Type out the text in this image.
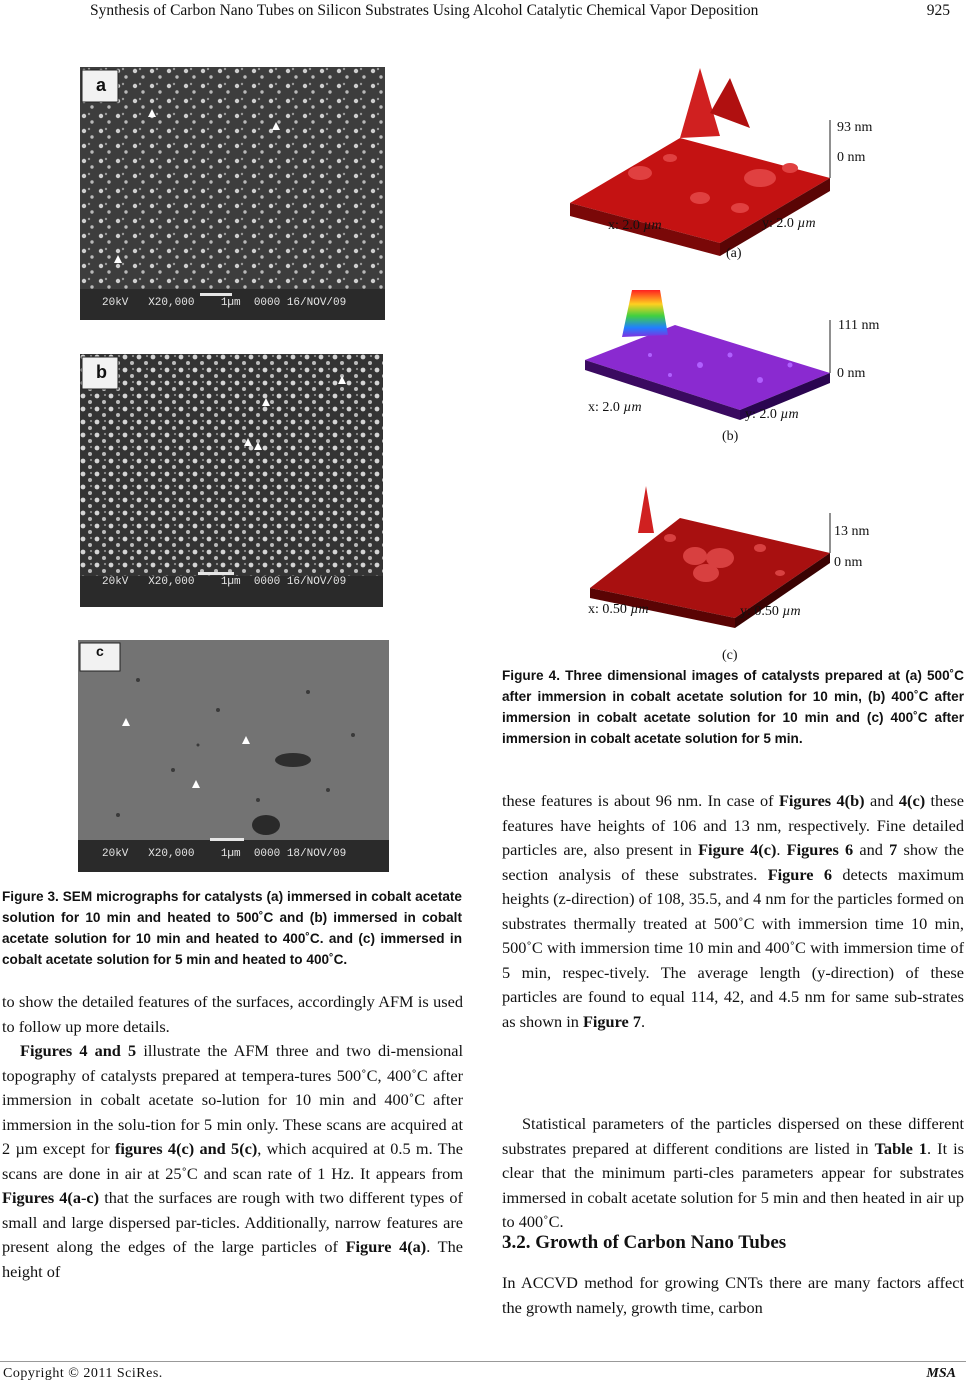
Synthesis of Carbon Nano Tubes on Silicon Substrates Using Alcohol Catalytic Chemical Vapor Deposition	925
a
20kV   X20,000    1µm  0000 16/NOV/09
b
20kV   X20,000    1µm  0000 16/NOV/09
c
20kV   X20,000    1µm  0000 18/NOV/09
Figure 3. SEM micrographs for catalysts (a) immersed in cobalt acetate solution for 10 min and heated to 500˚C and (b) immersed in cobalt acetate solution for 10 min and heated to 400˚C. and (c) immersed in cobalt acetate solution for 5 min and heated to 400˚C.
93 nm
0 nm
x: 2.0 µm	y: 2.0 µm
(a)
111 nm
0 nm
x: 2.0 µm	y: 2.0 µm
(b)
13 nm
0 nm
x: 0.50 µm	y: 0.50 µm
(c)
Figure 4. Three dimensional images of catalysts prepared at (a) 500˚C after immersion in cobalt acetate solution for 10 min, (b) 400˚C after immersion in cobalt acetate solution for 10 min and (c) 400˚C after immersion in cobalt acetate solution for 5 min.
to show the detailed features of the surfaces, accordingly AFM is used to follow up more details.
Figures 4 and 5 illustrate the AFM three and two di-mensional topography of catalysts prepared at tempera-tures 500˚C, 400˚C after immersion in cobalt acetate so-lution for 10 min and 400˚C after immersion in the solu-tion for 5 min only. These scans are acquired at 2 µm except for figures 4(c) and 5(c), which acquired at 0.5 m. The scans are done in air at 25˚C and scan rate of 1 Hz. It appears from Figures 4(a-c) that the surfaces are rough with two different types of small and large dispersed par-ticles. Additionally, narrow features are present along the edges of the large particles of Figure 4(a). The height of
these features is about 96 nm. In case of Figures 4(b) and 4(c) these features have heights of 106 and 13 nm, respectively. Fine detailed particles are, also present in Figure 4(c). Figures 6 and 7 show the section analysis of these substrates. Figure 6 detects maximum heights (z-direction) of 108, 35.5, and 4 nm for the particles formed on substrates thermally treated at 500˚C with immersion time 10 min, 500˚C with immersion time 10 min and 400˚C with immersion time of 5 min, respec-tively. The average length (y-direction) of these particles are found to equal 114, 42, and 4.5 nm for same sub-strates as shown in Figure 7.
Statistical parameters of the particles dispersed on these different substrates prepared at different conditions are listed in Table 1. It is clear that the minimum parti-cles parameters appear for substrates immersed in cobalt acetate solution for 5 min and then heated in air up to 400˚C.
3.2. Growth of Carbon Nano Tubes
In ACCVD method for growing CNTs there are many factors affect the growth namely, growth time, carbon
Copyright © 2011 SciRes.	MSA
